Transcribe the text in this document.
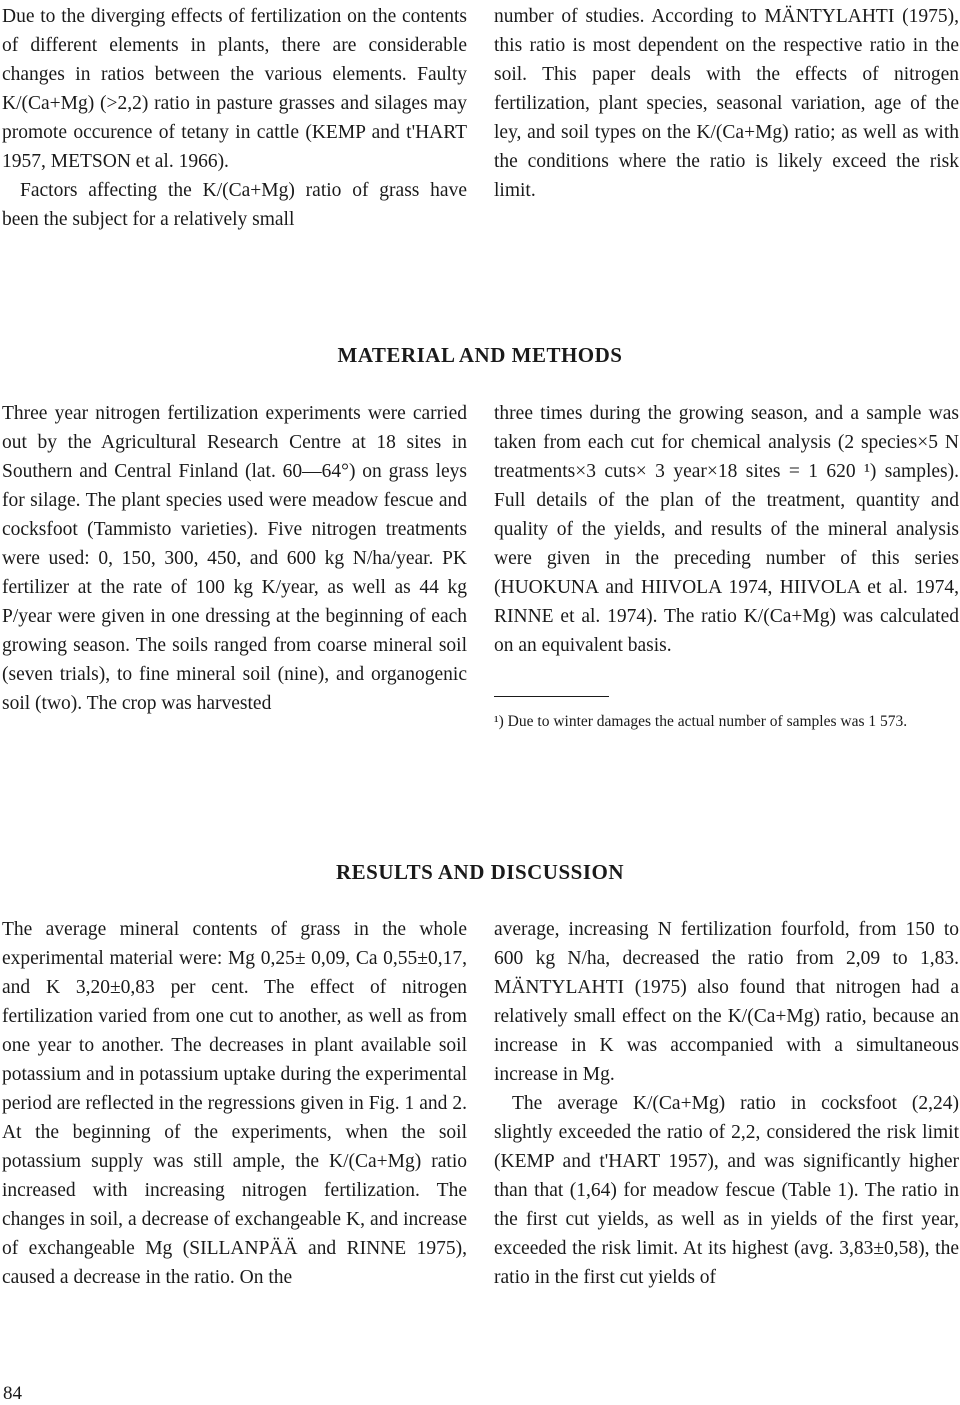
Due to the diverging effects of fertilization on the contents of different elements in plants, there are considerable changes in ratios between the various elements. Faulty K/(Ca+Mg) (>2,2) ratio in pasture grasses and silages may promote occurence of tetany in cattle (KEMP and t'HART 1957, METSON et al. 1966).

Factors affecting the K/(Ca+Mg) ratio of grass have been the subject for a relatively small

number of studies. According to MÄNTYLAHTI (1975), this ratio is most dependent on the respective ratio in the soil. This paper deals with the effects of nitrogen fertilization, plant species, seasonal variation, age of the ley, and soil types on the K/(Ca+Mg) ratio; as well as with the conditions where the ratio is likely exceed the risk limit.

MATERIAL AND METHODS

Three year nitrogen fertilization experiments were carried out by the Agricultural Research Centre at 18 sites in Southern and Central Finland (lat. 60—64°) on grass leys for silage. The plant species used were meadow fescue and cocksfoot (Tammisto varieties). Five nitrogen treatments were used: 0, 150, 300, 450, and 600 kg N/ha/year. PK fertilizer at the rate of 100 kg K/year, as well as 44 kg P/year were given in one dressing at the beginning of each growing season. The soils ranged from coarse mineral soil (seven trials), to fine mineral soil (nine), and organogenic soil (two). The crop was harvested

three times during the growing season, and a sample was taken from each cut for chemical analysis (2 species×5 N treatments×3 cuts× 3 year×18 sites = 1 620 ¹) samples). Full details of the plan of the treatment, quantity and quality of the yields, and results of the mineral analysis were given in the preceding number of this series (HUOKUNA and HIIVOLA 1974, HIIVOLA et al. 1974, RINNE et al. 1974). The ratio K/(Ca+Mg) was calculated on an equivalent basis.

¹) Due to winter damages the actual number of samples was 1 573.

RESULTS AND DISCUSSION

The average mineral contents of grass in the whole experimental material were: Mg 0,25± 0,09, Ca 0,55±0,17, and K 3,20±0,83 per cent. The effect of nitrogen fertilization varied from one cut to another, as well as from one year to another. The decreases in plant available soil potassium and in potassium uptake during the experimental period are reflected in the regressions given in Fig. 1 and 2. At the beginning of the experiments, when the soil potassium supply was still ample, the K/(Ca+Mg) ratio increased with increasing nitrogen fertilization. The changes in soil, a decrease of exchangeable K, and increase of exchangeable Mg (SILLANPÄÄ and RINNE 1975), caused a decrease in the ratio. On the

average, increasing N fertilization fourfold, from 150 to 600 kg N/ha, decreased the ratio from 2,09 to 1,83. MÄNTYLAHTI (1975) also found that nitrogen had a relatively small effect on the K/(Ca+Mg) ratio, because an increase in K was accompanied with a simultaneous increase in Mg.

The average K/(Ca+Mg) ratio in cocksfoot (2,24) slightly exceeded the ratio of 2,2, considered the risk limit (KEMP and t'HART 1957), and was significantly higher than that (1,64) for meadow fescue (Table 1). The ratio in the first cut yields, as well as in yields of the first year, exceeded the risk limit. At its highest (avg. 3,83±0,58), the ratio in the first cut yields of

84
